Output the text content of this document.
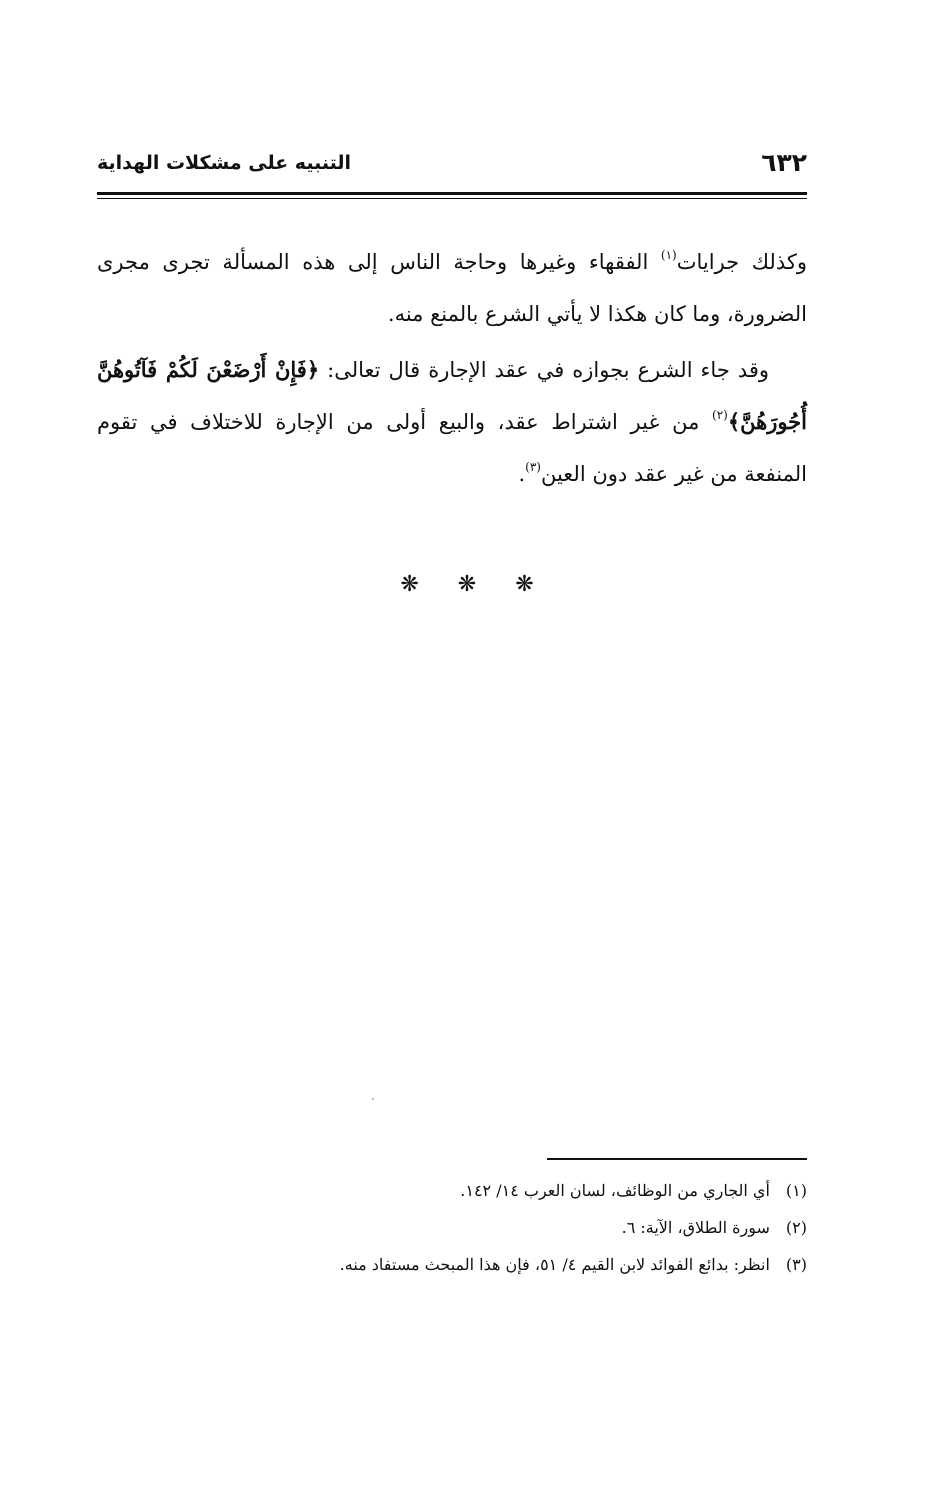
٦٣٢
التنبيه على مشكلات الهداية

وكذلك جرايات$^{(١)}$ الفقهاء وغيرها وحاجة الناس إلى هذه المسألة تجرى مجرى الضرورة، وما كان هكذا لا يأتي الشرع بالمنع منه.

وقد جاء الشرع بجوازه في عقد الإجارة قال تعالى: ﴿فَإِنْ أَرْضَعْنَ لَكُمْ فَآتُوهُنَّ أُجُورَهُنَّ﴾$^{(٢)}$ من غير اشتراط عقد، والبيع أولى من الإجارة للاختلاف في تقوم المنفعة من غير عقد دون العين$^{(٣)}$.

❋ ❋ ❋
(١) أي الجاري من الوظائف، لسان العرب ١٤/ ١٤٢.
(٢) سورة الطلاق، الآية: ٦.
(٣) انظر: بدائع الفوائد لابن القيم ٤/ ٥١، فإن هذا المبحث مستفاد منه.
